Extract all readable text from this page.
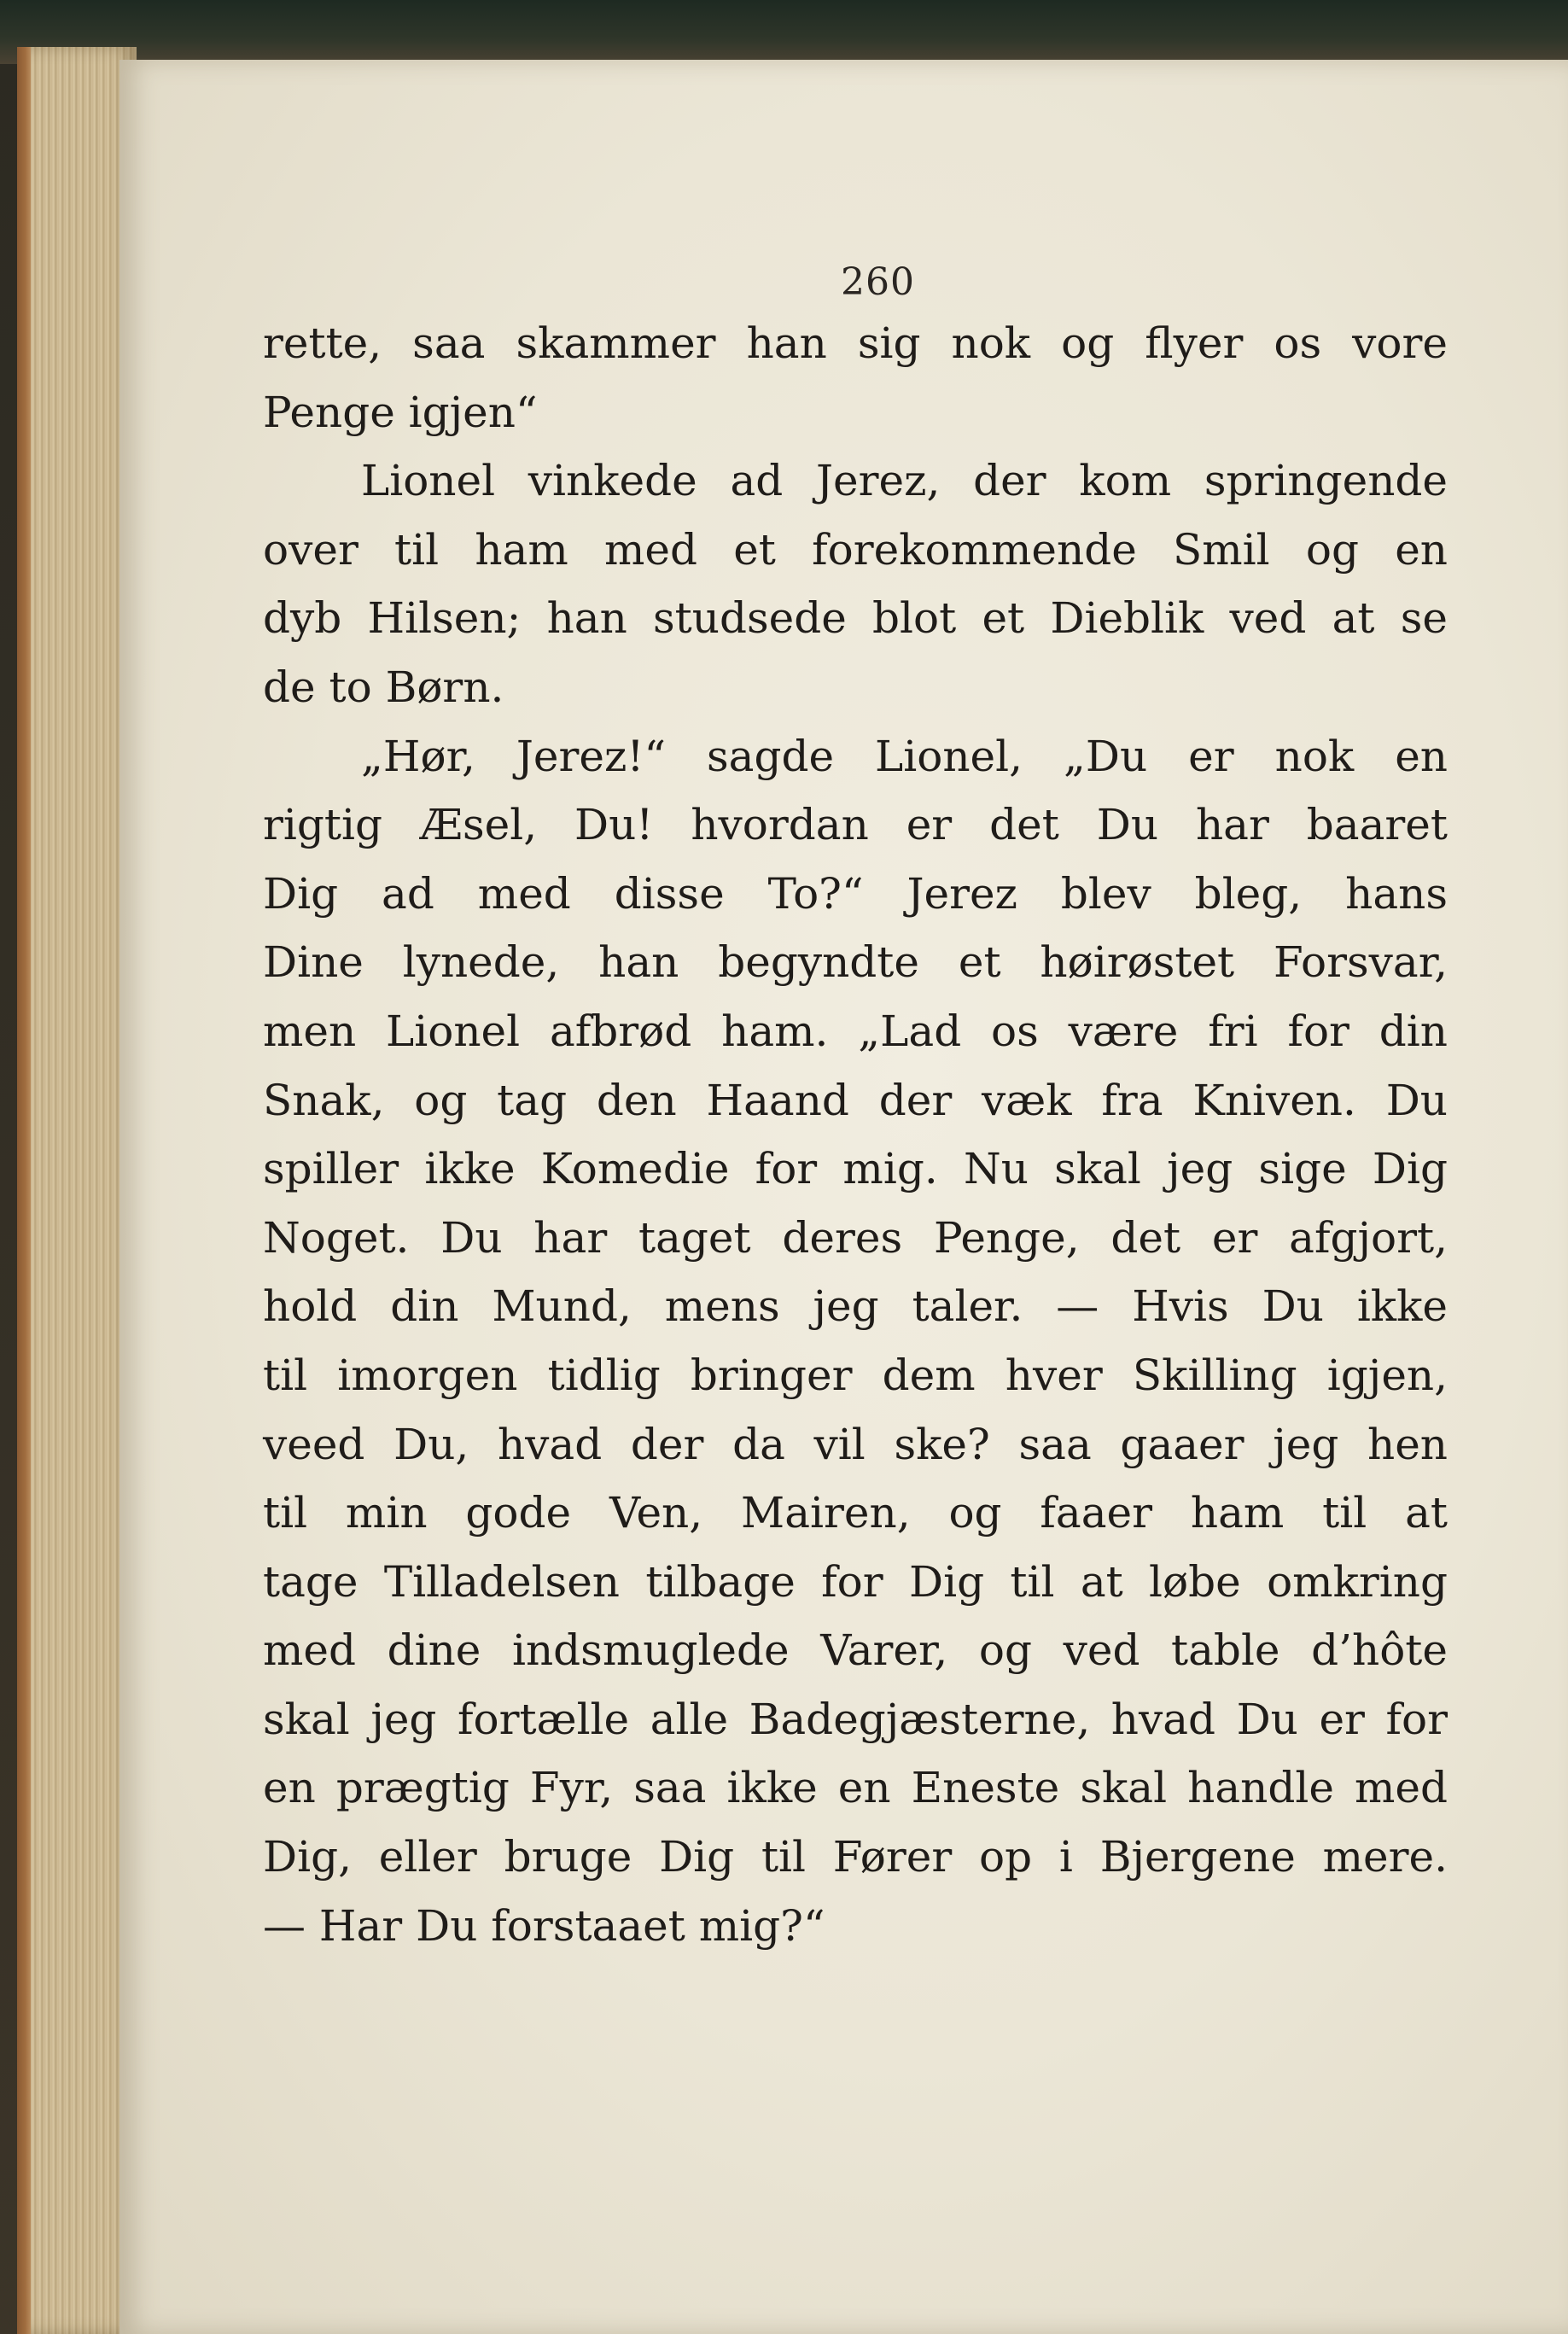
260
rette, saa skammer han sig nok og flyer os vore
Penge igjen“
Lionel vinkede ad Jerez, der kom springende
over til ham med et forekommende Smil og en
dyb Hilsen; han studsede blot et Dieblik ved at se
de to Børn.
„Hør, Jerez!“ sagde Lionel, „Du er nok en
rigtig Æsel, Du! hvordan er det Du har baaret
Dig ad med disse To?“ Jerez blev bleg, hans
Dine lynede, han begyndte et høirøstet Forsvar,
men Lionel afbrød ham. „Lad os være fri for din
Snak, og tag den Haand der væk fra Kniven. Du
spiller ikke Komedie for mig. Nu skal jeg sige Dig
Noget. Du har taget deres Penge, det er afgjort,
hold din Mund, mens jeg taler. — Hvis Du ikke
til imorgen tidlig bringer dem hver Skilling igjen,
veed Du, hvad der da vil ske? saa gaaer jeg hen
til min gode Ven, Mairen, og faaer ham til at
tage Tilladelsen tilbage for Dig til at løbe omkring
med dine indsmuglede Varer, og ved table d’hôte
skal jeg fortælle alle Badegjæsterne, hvad Du er for
en prægtig Fyr, saa ikke en Eneste skal handle med
Dig, eller bruge Dig til Fører op i Bjergene mere.
— Har Du forstaaet mig?“
